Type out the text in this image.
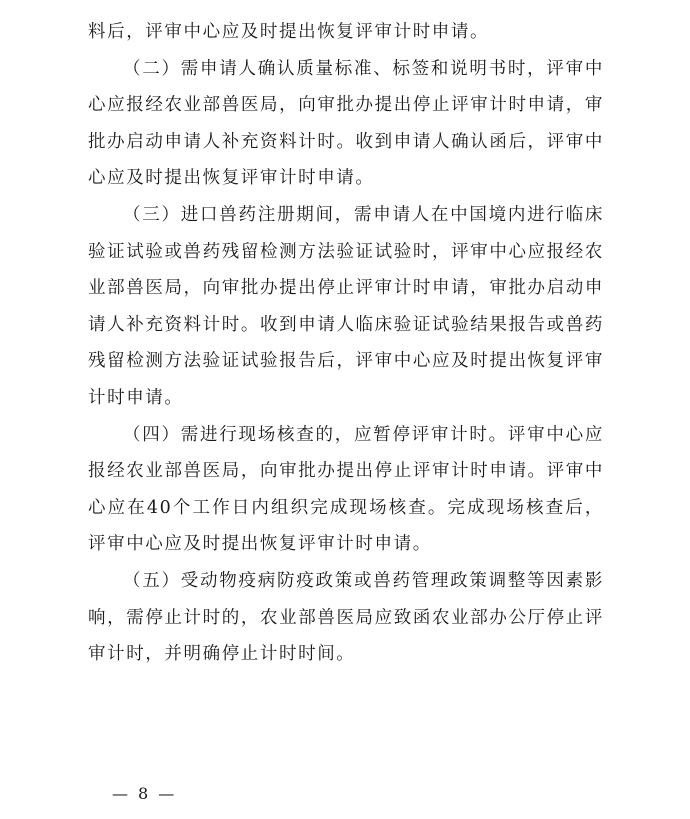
料后，评审中心应及时提出恢复评审计时申请。

（二）需申请人确认质量标准、标签和说明书时，评审中心应报经农业部兽医局，向审批办提出停止评审计时申请，审批办启动申请人补充资料计时。收到申请人确认函后，评审中心应及时提出恢复评审计时申请。

（三）进口兽药注册期间，需申请人在中国境内进行临床验证试验或兽药残留检测方法验证试验时，评审中心应报经农业部兽医局，向审批办提出停止评审计时申请，审批办启动申请人补充资料计时。收到申请人临床验证试验结果报告或兽药残留检测方法验证试验报告后，评审中心应及时提出恢复评审计时申请。

（四）需进行现场核查的，应暂停评审计时。评审中心应报经农业部兽医局，向审批办提出停止评审计时申请。评审中心应在40个工作日内组织完成现场核查。完成现场核查后，评审中心应及时提出恢复评审计时申请。

（五）受动物疫病防疫政策或兽药管理政策调整等因素影响，需停止计时的，农业部兽医局应致函农业部办公厅停止评审计时，并明确停止计时时间。

— 8 —
